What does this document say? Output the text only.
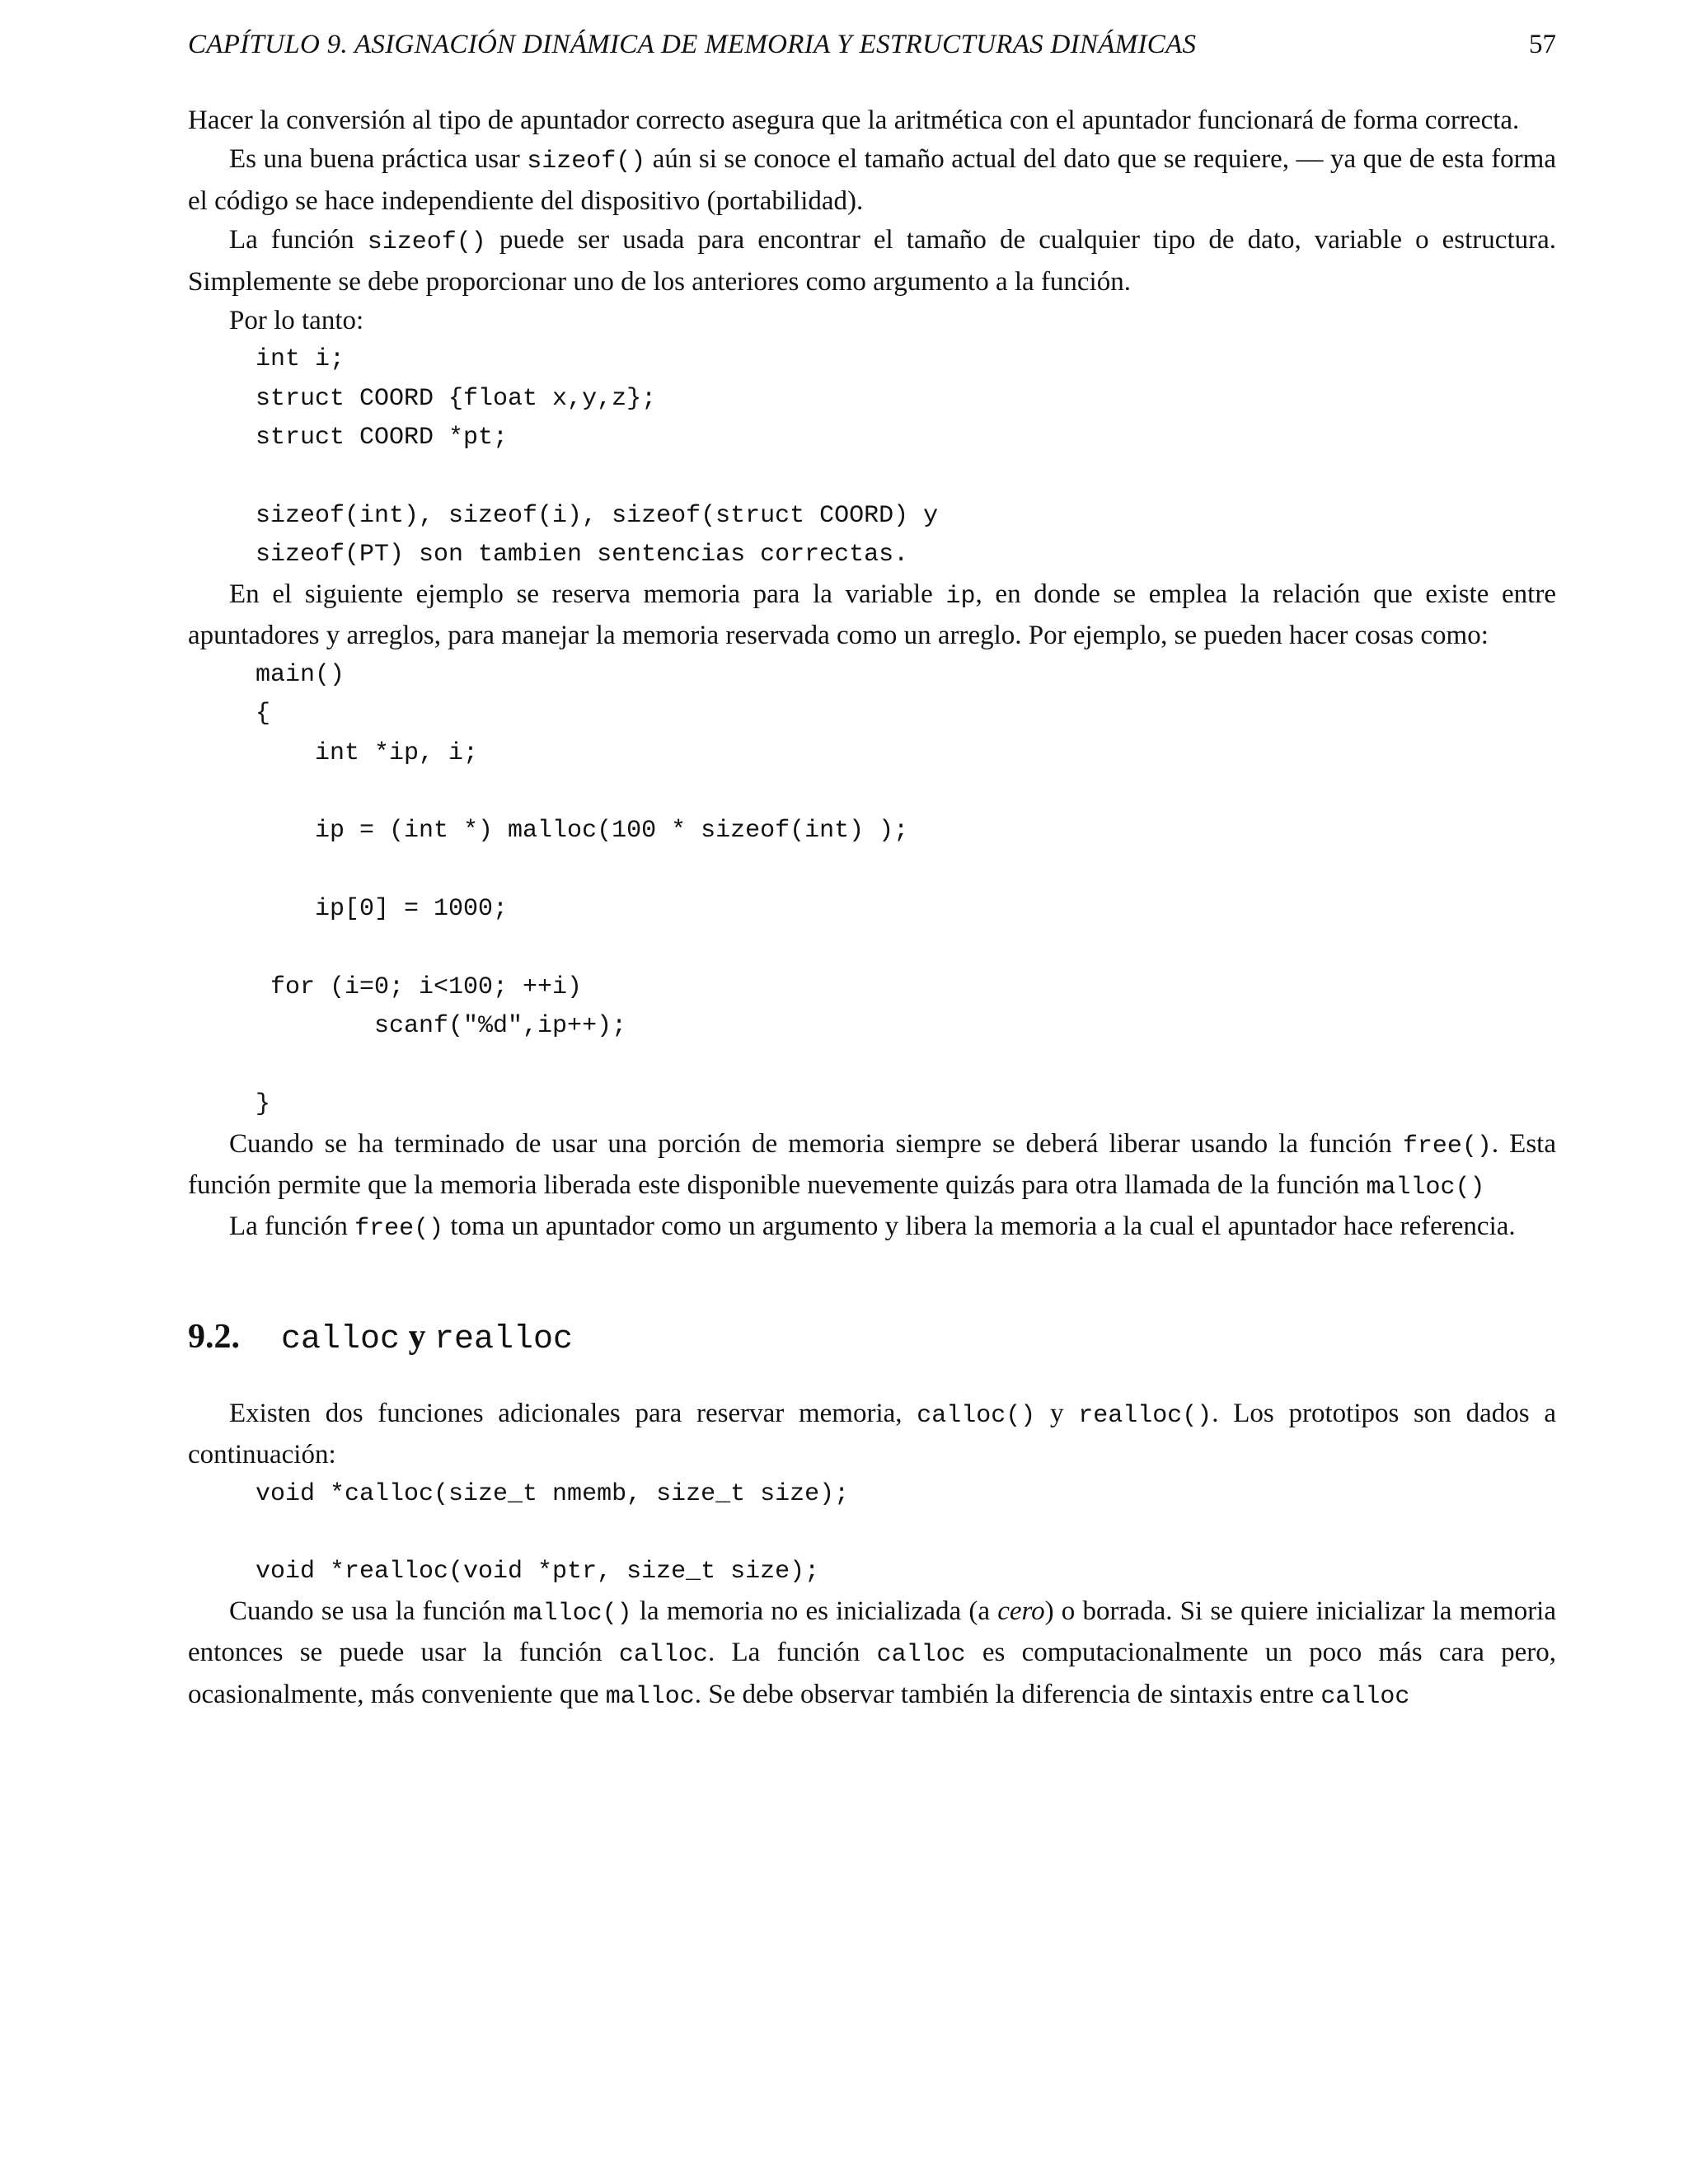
CAPÍTULO 9. ASIGNACIÓN DINÁMICA DE MEMORIA Y ESTRUCTURAS DINÁMICAS	57

Hacer la conversión al tipo de apuntador correcto asegura que la aritmética con el apuntador funcionará de forma correcta.

Es una buena práctica usar sizeof() aún si se conoce el tamaño actual del dato que se requiere, — ya que de esta forma el código se hace independiente del dispositivo (portabilidad).

La función sizeof() puede ser usada para encontrar el tamaño de cualquier tipo de dato, variable o estructura. Simplemente se debe proporcionar uno de los anteriores como argumento a la función.

Por lo tanto:

int i;
struct COORD {float x,y,z};
struct COORD *pt;

sizeof(int), sizeof(i), sizeof(struct COORD) y
sizeof(PT) son tambien sentencias correctas.

En el siguiente ejemplo se reserva memoria para la variable ip, en donde se emplea la relación que existe entre apuntadores y arreglos, para manejar la memoria reservada como un arreglo. Por ejemplo, se pueden hacer cosas como:

main()
{
int *ip, i;

ip = (int *) malloc(100 * sizeof(int) );

ip[0] = 1000;

for (i=0; i<100; ++i)
scanf("%d",ip++);

}

Cuando se ha terminado de usar una porción de memoria siempre se deberá liberar usando la función free(). Esta función permite que la memoria liberada este disponible nuevemente quizás para otra llamada de la función malloc()

La función free() toma un apuntador como un argumento y libera la memoria a la cual el apuntador hace referencia.

9.2. calloc y realloc

Existen dos funciones adicionales para reservar memoria, calloc() y realloc(). Los prototipos son dados a continuación:

void *calloc(size_t nmemb, size_t size);

void *realloc(void *ptr, size_t size);

Cuando se usa la función malloc() la memoria no es inicializada (a cero) o borrada. Si se quiere inicializar la memoria entonces se puede usar la función calloc. La función calloc es computacionalmente un poco más cara pero, ocasionalmente, más conveniente que malloc. Se debe observar también la diferencia de sintaxis entre calloc
